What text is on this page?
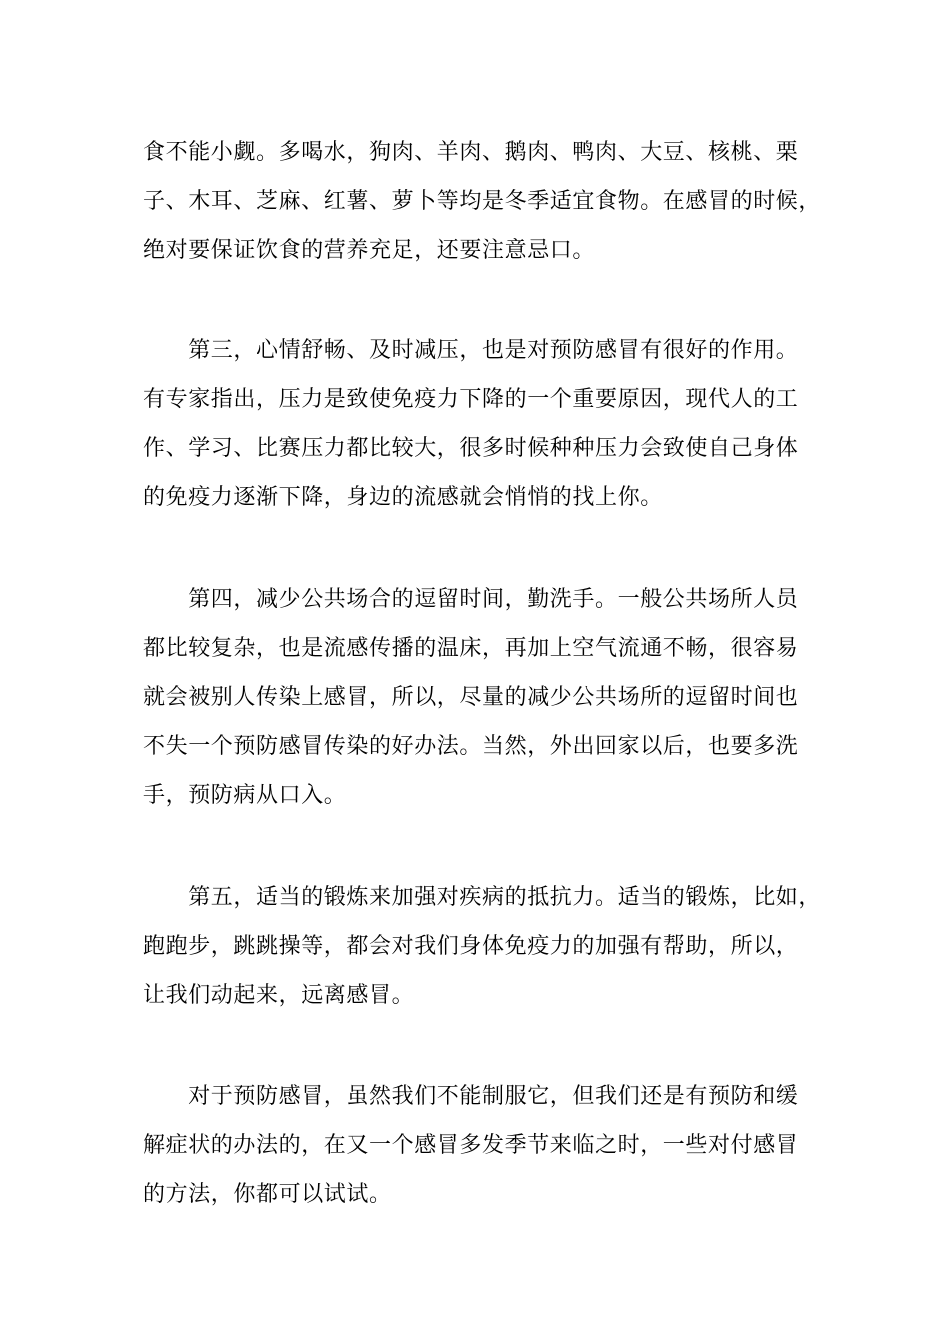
食不能小觑。多喝水，狗肉、羊肉、鹅肉、鸭肉、大豆、核桃、栗
子、木耳、芝麻、红薯、萝卜等均是冬季适宜食物。在感冒的时候，
绝对要保证饮食的营养充足，还要注意忌口。
　　第三，心情舒畅、及时减压，也是对预防感冒有很好的作用。
有专家指出，压力是致使免疫力下降的一个重要原因，现代人的工
作、学习、比赛压力都比较大，很多时候种种压力会致使自己身体
的免疫力逐渐下降，身边的流感就会悄悄的找上你。
　　第四，减少公共场合的逗留时间，勤洗手。一般公共场所人员
都比较复杂，也是流感传播的温床，再加上空气流通不畅，很容易
就会被别人传染上感冒，所以，尽量的减少公共场所的逗留时间也
不失一个预防感冒传染的好办法。当然，外出回家以后，也要多洗
手，预防病从口入。
　　第五，适当的锻炼来加强对疾病的抵抗力。适当的锻炼，比如，
跑跑步，跳跳操等，都会对我们身体免疫力的加强有帮助，所以，
让我们动起来，远离感冒。
　　对于预防感冒，虽然我们不能制服它，但我们还是有预防和缓
解症状的办法的，在又一个感冒多发季节来临之时，一些对付感冒
的方法，你都可以试试。
